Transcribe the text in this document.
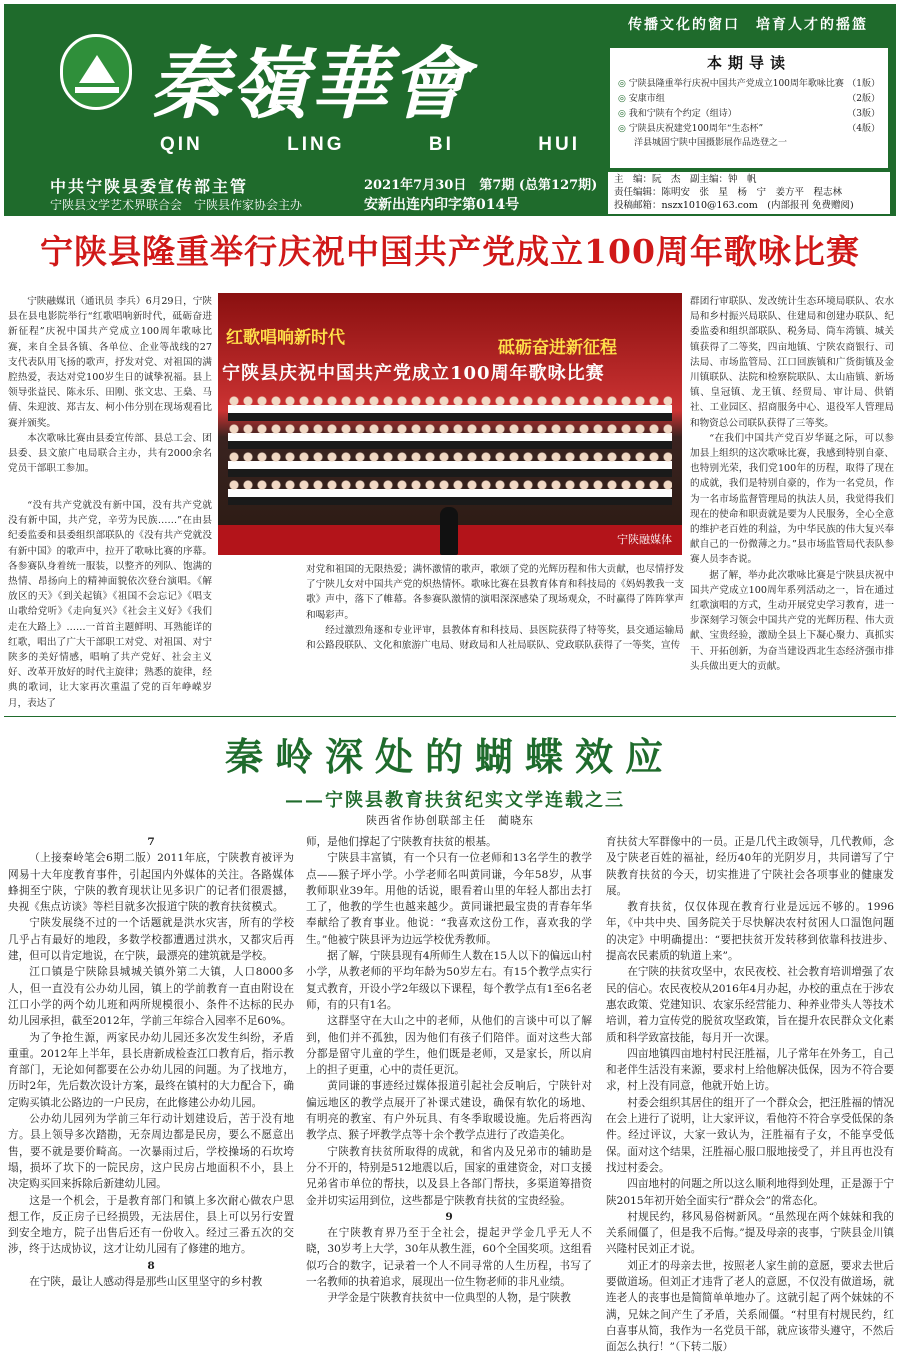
秦嶺華會
QIN	LING	BI	HUI
中共宁陕县委宣传部主管
宁陕县文学艺术界联合会　宁陕县作家协会主办
2021年7月30日　第7期 (总第127期)
安新出连内印字第014号
传播文化的窗口　培育人才的摇篮
本期导读
◎ 宁陕县隆重举行庆祝中国共产党成立100周年歌咏比赛 （1版）
◎ 安康市组	（2版）
◎ 我和宁陕有个约定（组诗）	（3版）
◎ 宁陕县庆祝建党100周年“生态杯”	（4版）
洋县城固宁陕中国摄影展作品选登之一
主　编：阮　杰　副主编：钟　帆
责任编辑：陈明安　张　星　杨　宁　姜方平　程志林
投稿邮箱：nszx1010@163.com　(内部报刊 免费赠阅)
宁陕县隆重举行庆祝中国共产党成立100周年歌咏比赛

宁陕融媒讯（通讯员 李兵）6月29日，宁陕县在县电影院举行“红歌唱响新时代，砥砺奋进新征程”庆祝中国共产党成立100周年歌咏比赛，来自全县各镇、各单位、企业等战线的27支代表队用飞扬的歌声，抒发对党、对祖国的满腔热爱，表达对党100岁生日的诚挚祝福。县上领导张益民、陈永乐、田刚、张文忠、王燊、马倩、朱迎波、郑吉友、柯小伟分别在现场观看比赛并颁奖。

本次歌咏比赛由县委宣传部、县总工会、团县委、县文旅广电局联合主办，共有2000余名党员干部职工参加。

“没有共产党就没有新中国，没有共产党就没有新中国，共产党，辛劳为民族……”在由县纪委监委和县委组织部联队的《没有共产党就没有新中国》的歌声中，拉开了歌咏比赛的序幕。各参赛队身着统一服装，以整齐的列队、饱满的热情、昂扬向上的精神面貌依次登台演唱。《解放区的天》《到关起镇》《祖国不会忘记》《唱支山歌给党听》《走向复兴》《社会主义好》《我们走在大路上》……一首首主题鲜明、耳熟能详的红歌，唱出了广大干部职工对党、对祖国、对宁陕多的美好情感，唱响了共产党好、社会主义好、改革开放好的时代主旋律；熟悉的旋律，经典的歌词，让大家再次重温了党的百年峥嵘岁月，表达了

红歌唱响新时代	砥砺奋进新征程
宁陕县庆祝中国共产党成立100周年歌咏比赛
宁陕融媒体

对党和祖国的无限热爱；满怀激情的歌声，歌颂了党的光辉历程和伟大贡献，也尽情抒发了宁陕儿女对中国共产党的炽热情怀。歌咏比赛在县教育体育和科技局的《妈妈教我一支歌》声中，落下了帷幕。各参赛队激情的演唱深深感染了现场观众，不时赢得了阵阵掌声和喝彩声。

经过激烈角逐和专业评审，县教体育和科技局、县医院获得了特等奖，县交通运输局和公路段联队、文化和旅游广电局、财政局和人社局联队、党政联队获得了一等奖，宣传

群团行审联队、发改统计生态环境局联队、农水局和乡村振兴局联队、住建局和创建办联队、纪委监委和组织部联队、税务局、筒车湾镇、城关镇获得了二等奖，四亩地镇、宁陕农商银行、司法局、市场监管局、江口回族镇和广货街镇及金川镇联队、法院和检察院联队、太山庙镇、新场镇、皇冠镇、龙王镇、经贸局、审计局、供销社、工业园区、招商服务中心、退役军人管理局和物资总公司联队获得了三等奖。

“在我们中国共产党百岁华诞之际，可以参加县上组织的这次歌咏比赛，我感到特别自豪、也特别光荣，我们党100年的历程，取得了现在的成就，我们是特别自豪的，作为一名党员，作为一名市场监督管理局的执法人员，我觉得我们现在的使命和职责就是要为人民服务，全心全意的维护老百姓的利益，为中华民族的伟大复兴奉献自己的一份微薄之力。”县市场监管局代表队参赛人员李杏说。

据了解，举办此次歌咏比赛是宁陕县庆祝中国共产党成立100周年系列活动之一，旨在通过红歌演唱的方式，生动开展党史学习教育，进一步深刻学习领会中国共产党的光辉历程、伟大贡献、宝贵经验，激励全县上下凝心聚力、真抓实干、开拓创新，为奋当建设西北生态经济强市排头兵做出更大的贡献。

秦岭深处的蝴蝶效应
——宁陕县教育扶贫纪实文学连载之三
陕西省作协创联部主任　蔺晓东

7

（上接秦岭笔会6期二版）2011年底，宁陕教育被评为网易十大年度教育事件，引起国内外媒体的关注。各路媒体蜂拥至宁陕，宁陕的教育现状让见多识广的记者们很震撼，央视《焦点访谈》等栏目就多次报道宁陕的教育扶贫模式。

宁陕发展绕不过的一个话题就是洪水灾害，所有的学校几乎占有最好的地段，多数学校都遭遇过洪水，又都灾后再建，但可以肯定地说，在宁陕，最漂亮的建筑就是学校。

江口镇是宁陕除县城城关镇外第二大镇，人口8000多人，但一直没有公办幼儿园，镇上的学前教育一直由附设在江口小学的两个幼儿班和两所规模很小、条件不达标的民办幼儿园承担，截至2012年，学前三年综合入园率不足60%。

为了争抢生源，两家民办幼儿园还多次发生纠纷，矛盾重重。2012年上半年，县长唐新成检查江口教育后，指示教育部门，无论如何都要在公办幼儿园的问题。为了找地方，历时2年，先后数次设计方案，最终在镇村的大力配合下，确定购买镇北公路边的一户民房，在此修建公办幼儿园。

公办幼儿园列为学前三年行动计划建设后，苦于没有地方。县上领导多次踏勘，无奈周边都是民房，要么不愿意出售，要不就是要价畸高。一次暴雨过后，学校操场的石坎垮塌，损坏了坎下的一院民房，这户民房占地面积不小，县上决定购买回来拆除后新建幼儿园。

这是一个机会，于是教育部门和镇上多次耐心做农户思想工作，反正房子已经损毁，无法居住，县上可以另行安置到安全地方，院子出售后还有一份收入。经过三番五次的交涉，终于达成协议，这才让幼儿园有了修建的地方。

8

在宁陕，最让人感动得是那些山区里坚守的乡村教

师，是他们撑起了宁陕教育扶贫的根基。

宁陕县丰富镇，有一个只有一位老师和13名学生的教学点——猴子坪小学。小学老师名叫黄同谦，今年58岁，从事教师职业39年。用他的话说，眼看着山里的年轻人都出去打工了，他教的学生也越来越少。黄同谦把最宝贵的青春年华奉献给了教育事业。他说：“我喜欢这份工作，喜欢我的学生。”他被宁陕县评为边远学校优秀教师。

据了解，宁陕县现有4所师生人数在15人以下的偏远山村小学，从教老师的平均年龄为50岁左右。有15个教学点实行复式教育，开设小学2年级以下课程，每个教学点有1至6名老师，有的只有1名。

这群坚守在大山之中的老师，从他们的言谈中可以了解到，他们并不孤独，因为他们有孩子们陪伴。面对这些大部分都是留守儿童的学生，他们既是老师，又是家长，所以肩上的担子更重，心中的责任更沉。

黄同谦的事迹经过媒体报道引起社会反响后，宁陕针对偏远地区的教学点展开了补课式建设，确保有软化的场地、有明亮的教室、有户外玩具、有冬季取暖设施。先后将西沟教学点、猴子坪教学点等十余个教学点进行了改造美化。

宁陕教育扶贫所取得的成就，和省内及兄弟市的辅助是分不开的，特别是512地震以后，国家的重建资金，对口支援兄弟省市单位的帮扶，以及县上各部门帮扶，多渠道筹措资金并切实运用到位，这些都是宁陕教育扶贫的宝贵经验。

9

在宁陕教育界乃至于全社会，提起尹学金几乎无人不晓，30岁考上大学，30年从教生涯，60个全国奖项。这组看似巧合的数字，记录着一个人不同寻常的人生历程，书写了一名教师的执着追求，展现出一位生物老师的非凡业绩。

尹学金是宁陕教育扶贫中一位典型的人物，是宁陕教

育扶贫大军群像中的一员。正是几代主政领导，几代教师，念及宁陕老百姓的福祉，经历40年的光阴岁月，共同谱写了宁陕教育扶贫的今天，切实推进了宁陕社会各项事业的健康发展。

教育扶贫，仅仅体现在教育行业是远远不够的。1996年，《中共中央、国务院关于尽快解决农村贫困人口温饱问题的决定》中明确提出：“要把扶贫开发转移到依靠科技进步、提高农民素质的轨道上来”。

在宁陕的扶贫攻坚中，农民夜校、社会教育培训增强了农民的信心。农民夜校从2016年4月办起，办校的重点在于涉农惠农政策、党建知识、农家乐经营能力、种养业带头人等技术培训，着力宣传党的脱贫攻坚政策，旨在提升农民群众文化素质和科学致富技能，每月开一次课。

四亩地镇四亩地村村民汪胜福，儿子常年在外务工，自己和老伴生活没有来源，要求村上给他解决低保，因为不符合要求，村上没有同意，他就开始上访。

村委会组织其居住的组开了一个群众会，把汪胜福的情况在会上进行了说明，让大家评议，看他符不符合享受低保的条件。经过评议，大家一致认为，汪胜福有子女，不能享受低保。面对这个结果，汪胜福心服口服地接受了，并且再也没有找过村委会。

四亩地村的问题之所以这么顺利地得到处理，正是源于宁陕2015年初开始全面实行“群众会”的常态化。

村规民约，移风易俗树新风。“虽然现在两个妹妹和我的关系闹僵了，但是我不后悔。”提及母亲的丧事，宁陕县金川镇兴隆村民刘正才说。

刘正才的母亲去世，按照老人家生前的意愿，要求去世后要做道场。但刘正才违背了老人的意愿，不仅没有做道场，就连老人的丧事也是简简单单地办了。这就引起了两个妹妹的不满，兄妹之间产生了矛盾，关系闹僵。“村里有村规民约，红白喜事从简，我作为一名党员干部，就应该带头遵守，不然后面怎么执行！”（下转二版）
